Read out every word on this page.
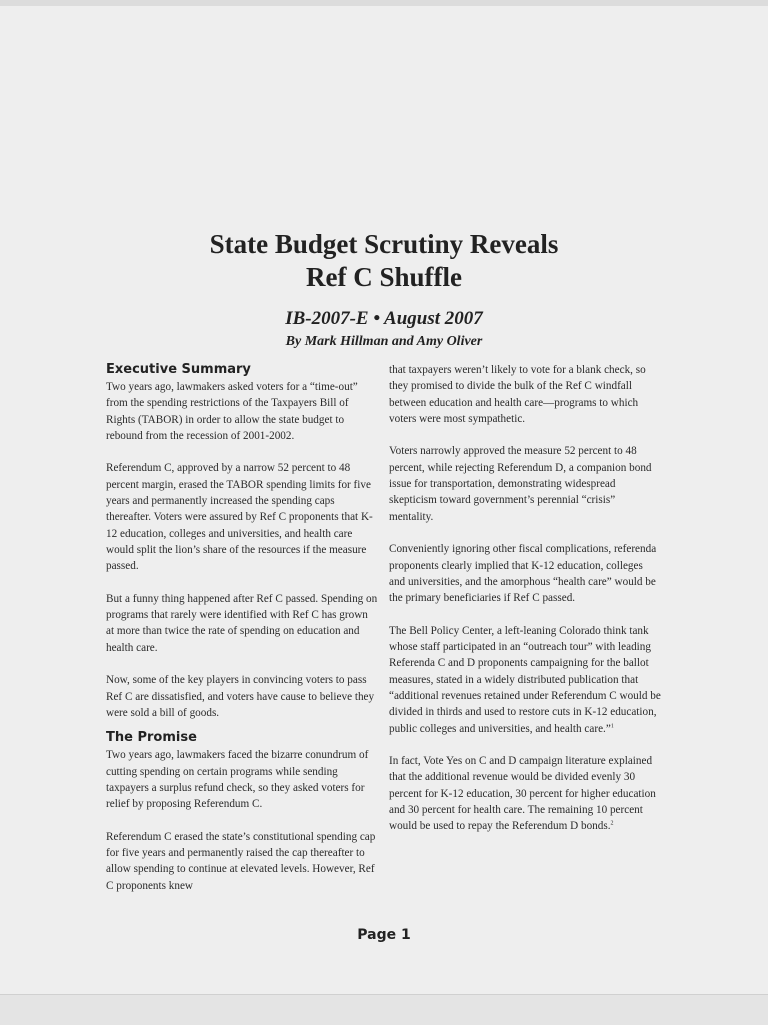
State Budget Scrutiny Reveals
Ref C Shuffle
IB-2007-E • August 2007
By Mark Hillman and Amy Oliver
Executive Summary

Two years ago, lawmakers asked voters for a “time-out” from the spending restrictions of the Taxpayers Bill of Rights (TABOR) in order to allow the state budget to rebound from the recession of 2001-2002.

Referendum C, approved by a narrow 52 percent to 48 percent margin, erased the TABOR spending limits for five years and permanently increased the spending caps thereafter. Voters were assured by Ref C proponents that K-12 education, colleges and universities, and health care would split the lion’s share of the resources if the measure passed.

But a funny thing happened after Ref C passed. Spending on programs that rarely were identified with Ref C has grown at more than twice the rate of spending on education and health care.

Now, some of the key players in convincing voters to pass Ref C are dissatisfied, and voters have cause to believe they were sold a bill of goods.

The Promise

Two years ago, lawmakers faced the bizarre conundrum of cutting spending on certain programs while sending taxpayers a surplus refund check, so they asked voters for relief by proposing Referendum C.

Referendum C erased the state’s constitutional spending cap for five years and permanently raised the cap thereafter to allow spending to continue at elevated levels. However, Ref C proponents knew

that taxpayers weren’t likely to vote for a blank check, so they promised to divide the bulk of the Ref C windfall between education and health care—programs to which voters were most sympathetic.

Voters narrowly approved the measure 52 percent to 48 percent, while rejecting Referendum D, a companion bond issue for transportation, demonstrating widespread skepticism toward government’s perennial “crisis” mentality.

Conveniently ignoring other fiscal complications, referenda proponents clearly implied that K-12 education, colleges and universities, and the amorphous “health care” would be the primary beneficiaries if Ref C passed.

The Bell Policy Center, a left-leaning Colorado think tank whose staff participated in an “outreach tour” with leading Referenda C and D proponents campaigning for the ballot measures, stated in a widely distributed publication that “additional revenues retained under Referendum C would be divided in thirds and used to restore cuts in K-12 education, public colleges and universities, and health care.”$^1$

In fact, Vote Yes on C and D campaign literature explained that the additional revenue would be divided evenly 30 percent for K-12 education, 30 percent for higher education and 30 percent for health care. The remaining 10 percent would be used to repay the Referendum D bonds.$^2$

Page 1
